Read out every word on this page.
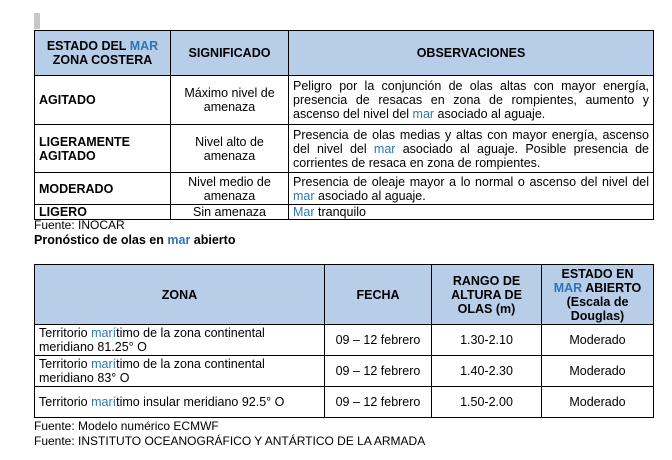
ESTADO DEL MAR ZONA COSTERA	SIGNIFICADO	OBSERVACIONES
AGITADO	Máximo nivel de amenaza	Peligro por la conjunción de olas altas con mayor energía, presencia de resacas en zona de rompientes, aumento y ascenso del nivel del mar asociado al aguaje.
LIGERAMENTE AGITADO	Nivel alto de amenaza	Presencia de olas medias y altas con mayor energía, ascenso del nivel del mar asociado al aguaje. Posible presencia de corrientes de resaca en zona de rompientes.
MODERADO	Nivel medio de amenaza	Presencia de oleaje mayor a lo normal o ascenso del nivel del mar asociado al aguaje.
LIGERO	Sin amenaza	Mar tranquilo
Fuente: INOCAR
Pronóstico de olas en mar abierto
ZONA	FECHA	RANGO DE ALTURA DE OLAS (m)	ESTADO EN MAR ABIERTO (Escala de Douglas)
Territorio marítimo de la zona continental meridiano 81.25° O	09 – 12 febrero	1.30-2.10	Moderado
Territorio marítimo de la zona continental meridiano 83° O	09 – 12 febrero	1.40-2.30	Moderado
Territorio marítimo insular meridiano 92.5° O	09 – 12 febrero	1.50-2.00	Moderado
Fuente: Modelo numérico ECMWF
Fuente: INSTITUTO OCEANOGRÁFICO Y ANTÁRTICO DE LA ARMADA
